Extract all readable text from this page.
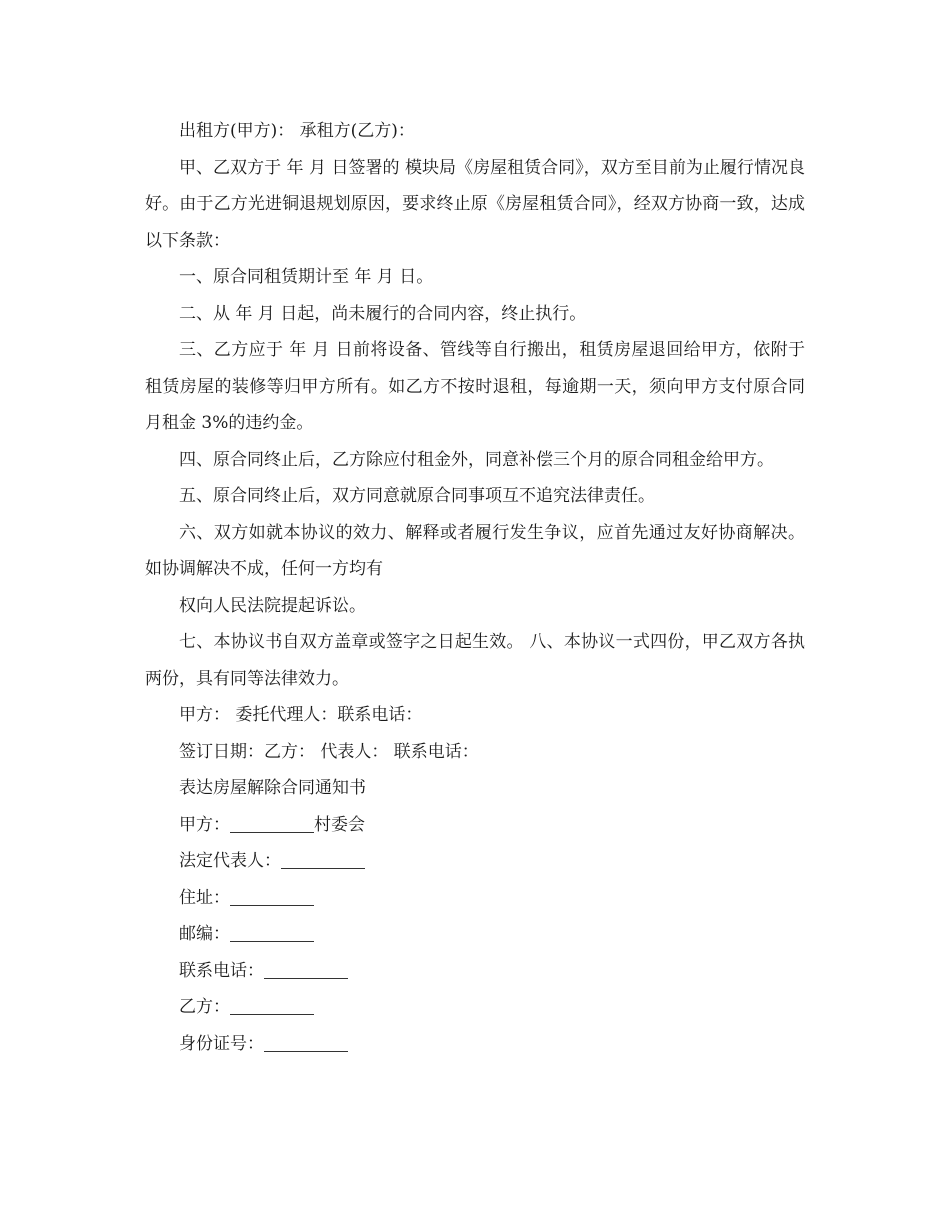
出租方(甲方)： 承租方(乙方)：

甲、乙双方于 年 月 日签署的 模块局《房屋租赁合同》，双方至目前为止履行情况良好。由于乙方光进铜退规划原因，要求终止原《房屋租赁合同》，经双方协商一致，达成以下条款：

一、原合同租赁期计至 年 月 日。

二、从 年 月 日起，尚未履行的合同内容，终止执行。

三、乙方应于 年 月 日前将设备、管线等自行搬出，租赁房屋退回给甲方，依附于租赁房屋的装修等归甲方所有。如乙方不按时退租，每逾期一天，须向甲方支付原合同月租金 3%的违约金。

四、原合同终止后，乙方除应付租金外，同意补偿三个月的原合同租金给甲方。

五、原合同终止后，双方同意就原合同事项互不追究法律责任。

六、双方如就本协议的效力、解释或者履行发生争议，应首先通过友好协商解决。如协调解决不成，任何一方均有

权向人民法院提起诉讼。

七、本协议书自双方盖章或签字之日起生效。 八、本协议一式四份，甲乙双方各执两份，具有同等法律效力。

甲方： 委托代理人：联系电话：

签订日期：乙方： 代表人： 联系电话：

表达房屋解除合同通知书

甲方：	村委会

法定代表人：

住址：

邮编：

联系电话：

乙方：

身份证号：
